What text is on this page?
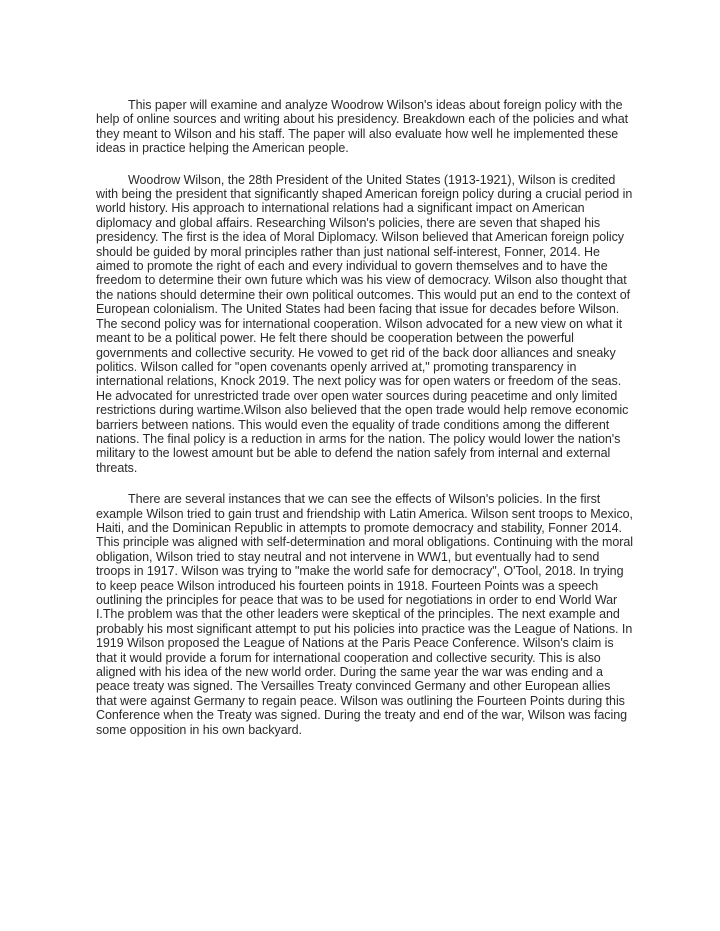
This paper will examine and analyze Woodrow Wilson's ideas about foreign policy with the help of online sources and writing about his presidency. Breakdown each of the policies and what they meant to Wilson and his staff. The paper will also evaluate how well he implemented these ideas in practice helping the American people.

Woodrow Wilson, the 28th President of the United States (1913-1921), Wilson is credited with being the president that significantly shaped American foreign policy during a crucial period in world history. His approach to international relations had a significant impact on American diplomacy and global affairs. Researching Wilson's policies, there are seven that shaped his presidency. The first is the idea of Moral Diplomacy. Wilson believed that American foreign policy should be guided by moral principles rather than just national self-interest, Fonner, 2014. He aimed to promote the right of each and every individual to govern themselves and to have the freedom to determine their own future which was his view of democracy. Wilson also thought that the nations should determine their own political outcomes. This would put an end to the context of European colonialism. The United States had been facing that issue for decades before Wilson. The second policy was for international cooperation. Wilson advocated for a new view on what it meant to be a political power. He felt there should be cooperation between the powerful governments and collective security. He vowed to get rid of the back door alliances and sneaky politics. Wilson called for "open covenants openly arrived at," promoting transparency in international relations, Knock 2019. The next policy was for open waters or freedom of the seas. He advocated for unrestricted trade over open water sources during peacetime and only limited restrictions during wartime.Wilson also believed that the open trade would help remove economic barriers between nations. This would even the equality of trade conditions among the different nations. The final policy is a reduction in arms for the nation. The policy would lower the nation's military to the lowest amount but be able to defend the nation safely from internal and external threats.

There are several instances that we can see the effects of Wilson's policies. In the first example Wilson tried to gain trust and friendship with Latin America. Wilson sent troops to Mexico, Haiti, and the Dominican Republic in attempts to promote democracy and stability, Fonner 2014. This principle was aligned with self-determination and moral obligations. Continuing with the moral obligation, Wilson tried to stay neutral and not intervene in WW1, but eventually had to send troops in 1917. Wilson was trying to "make the world safe for democracy", O'Tool, 2018. In trying to keep peace Wilson introduced his fourteen points in 1918. Fourteen Points was a speech outlining the principles for peace that was to be used for negotiations in order to end World War I.The problem was that the other leaders were skeptical of the principles. The next example and probably his most significant attempt to put his policies into practice was the League of Nations. In 1919 Wilson proposed the League of Nations at the Paris Peace Conference. Wilson's claim is that it would provide a forum for international cooperation and collective security. This is also aligned with his idea of the new world order. During the same year the war was ending and a peace treaty was signed. The Versailles Treaty convinced Germany and other European allies that were against Germany to regain peace. Wilson was outlining the Fourteen Points during this Conference when the Treaty was signed. During the treaty and end of the war, Wilson was facing some opposition in his own backyard.
